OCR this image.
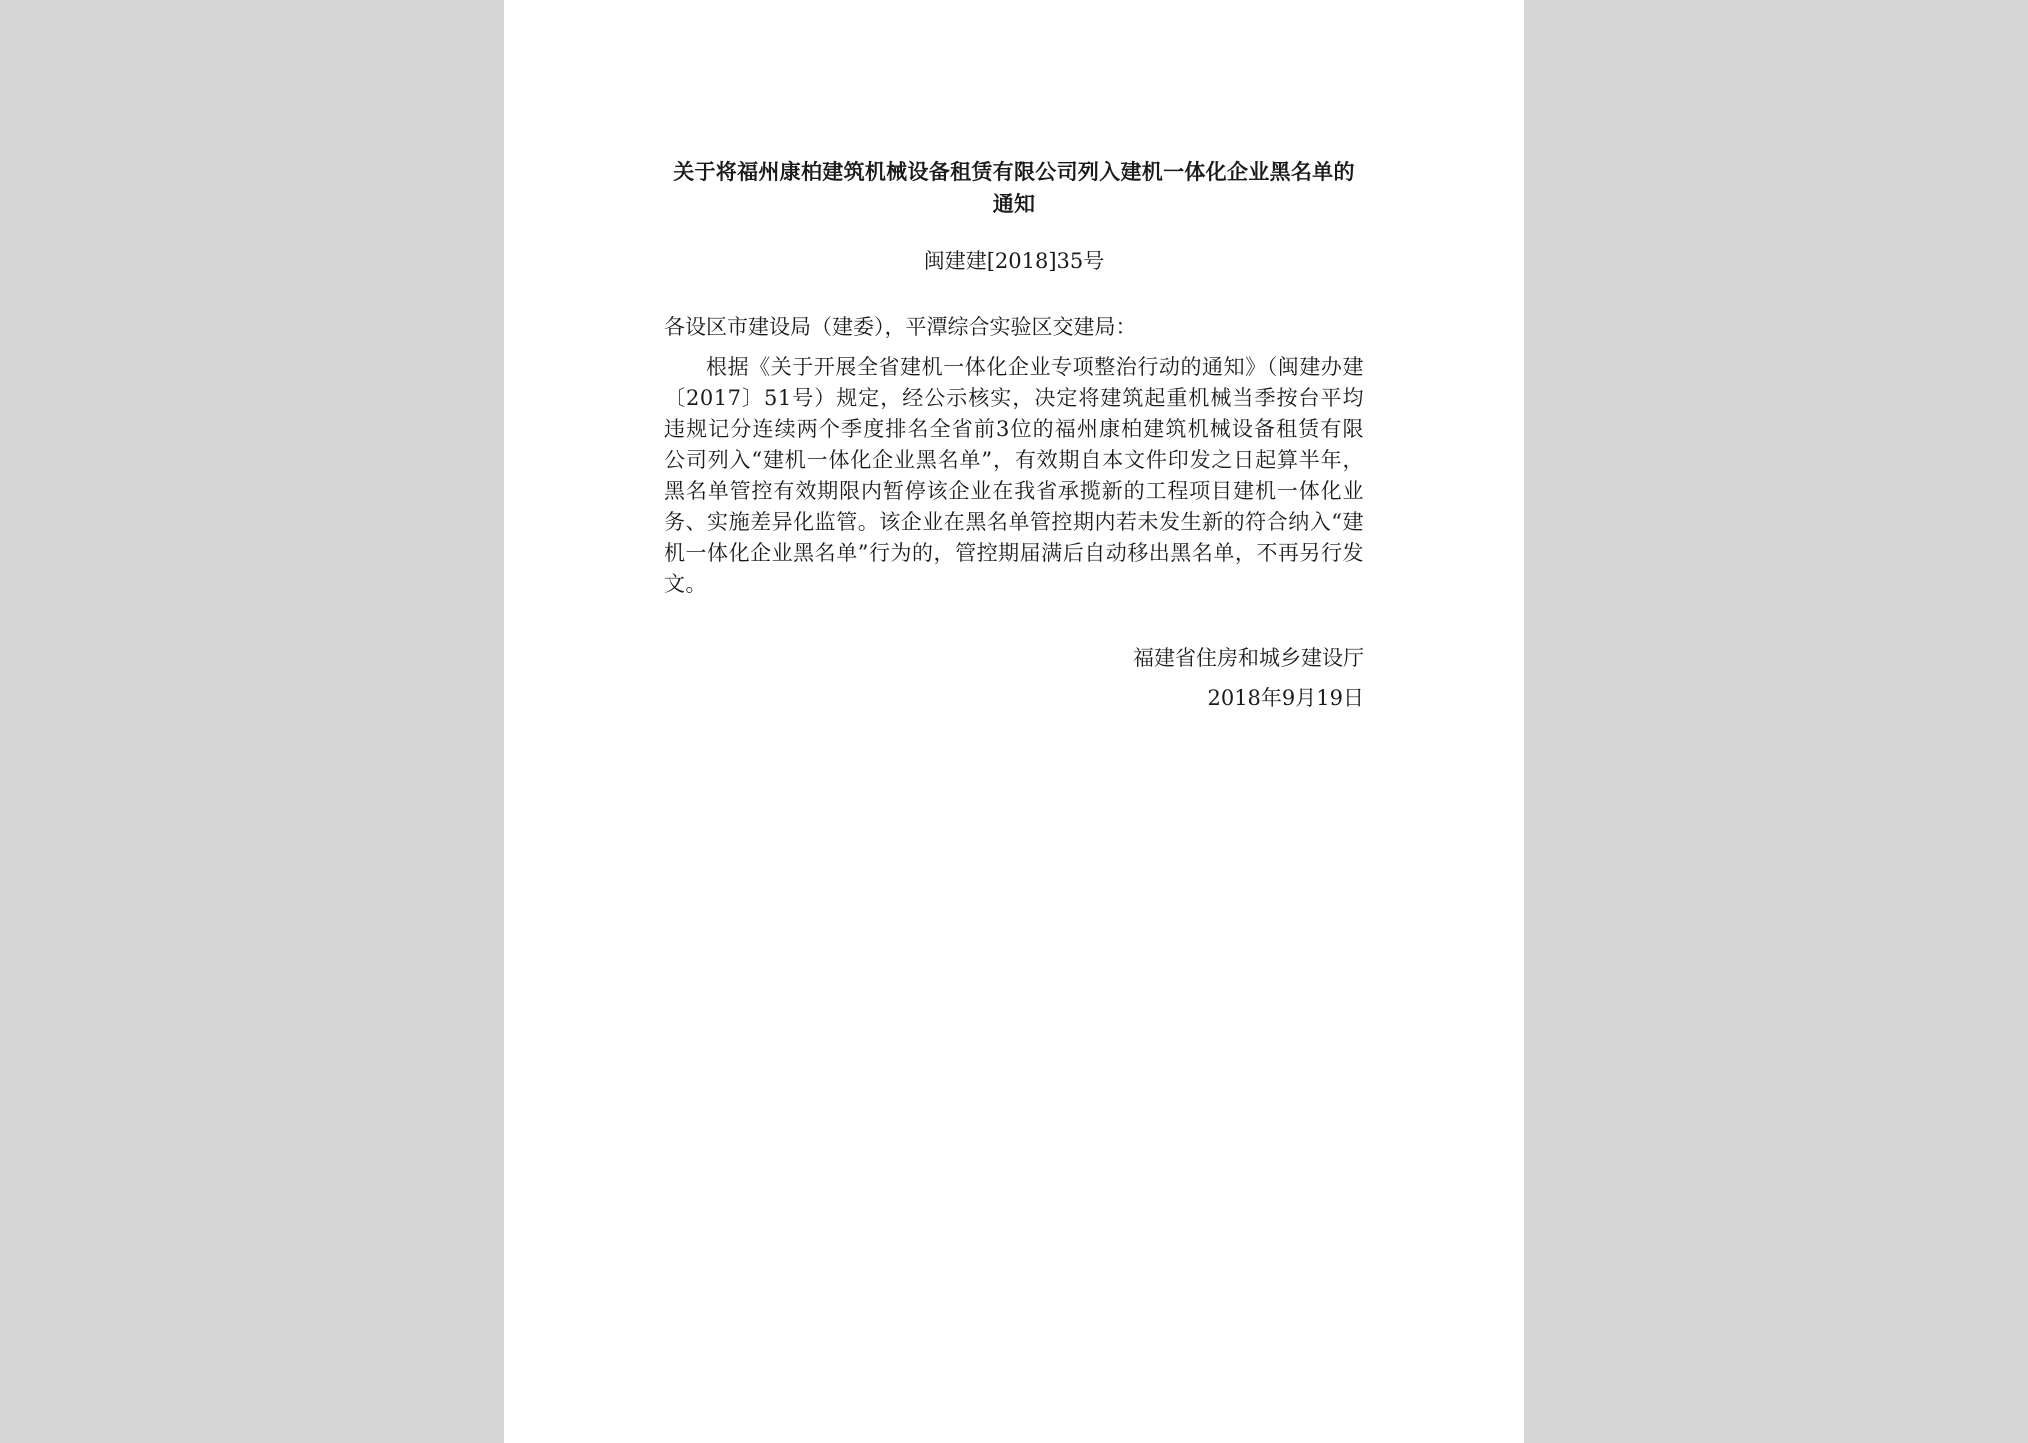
关于将福州康柏建筑机械设备租赁有限公司列入建机一体化企业黑名单的通知
闽建建[2018]35号
各设区市建设局（建委），平潭综合实验区交建局：

根据《关于开展全省建机一体化企业专项整治行动的通知》（闽建办建〔2017〕51号）规定，经公示核实，决定将建筑起重机械当季按台平均违规记分连续两个季度排名全省前3位的福州康柏建筑机械设备租赁有限公司列入“建机一体化企业黑名单”，有效期自本文件印发之日起算半年，黑名单管控有效期限内暂停该企业在我省承揽新的工程项目建机一体化业务、实施差异化监管。该企业在黑名单管控期内若未发生新的符合纳入“建机一体化企业黑名单”行为的，管控期届满后自动移出黑名单，不再另行发文。

福建省住房和城乡建设厅
2018年9月19日
